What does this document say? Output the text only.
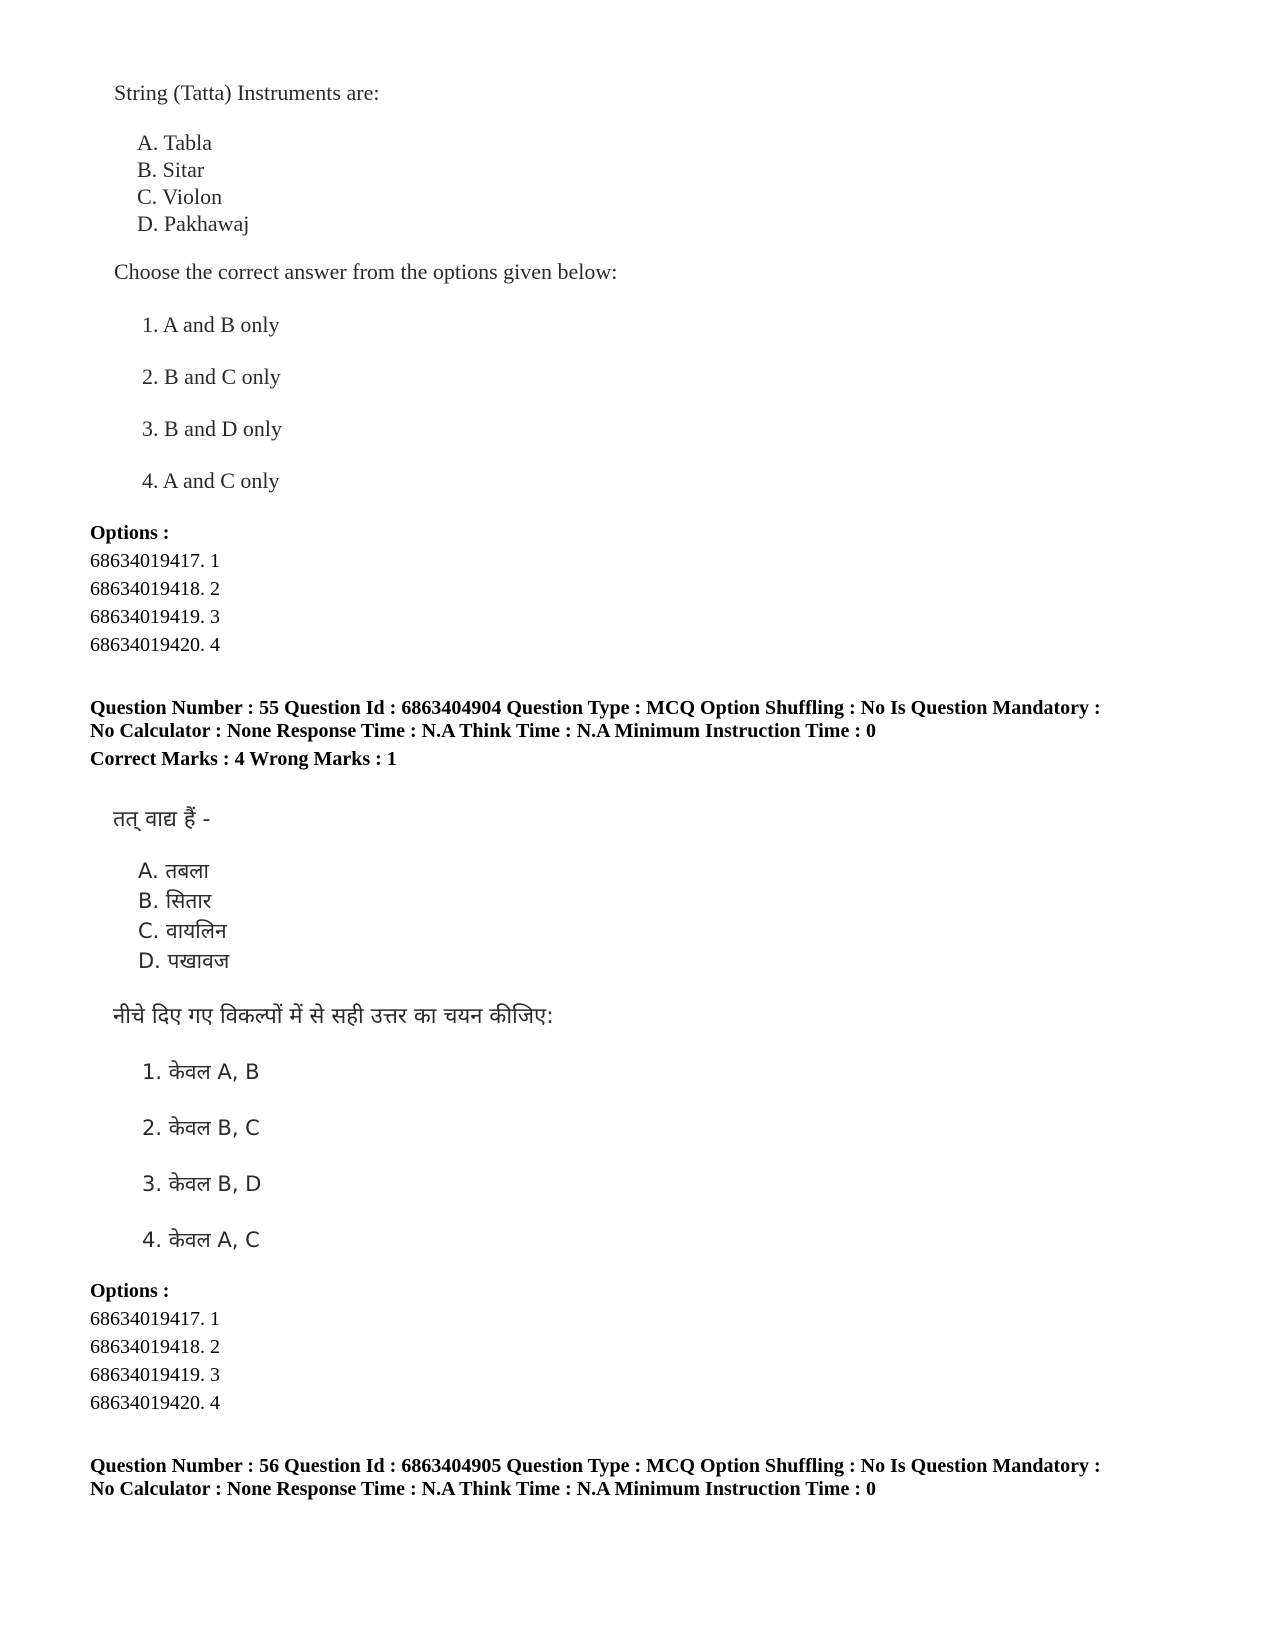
String (Tatta) Instruments are:
A. Tabla
B. Sitar
C. Violon
D. Pakhawaj
Choose the correct answer from the options given below:
1. A and B only
2. B and C only
3. B and D only
4. A and C only
Options :
68634019417. 1
68634019418. 2
68634019419. 3
68634019420. 4
Question Number : 55 Question Id : 6863404904 Question Type : MCQ Option Shuffling : No Is Question Mandatory :
No Calculator : None Response Time : N.A Think Time : N.A Minimum Instruction Time : 0
Correct Marks : 4 Wrong Marks : 1
तत् वाद्य हैं -
A. तबला
B. सितार
C. वायलिन
D. पखावज
नीचे दिए गए विकल्पों में से सही उत्तर का चयन कीजिए:
1. केवल A, B
2. केवल B, C
3. केवल B, D
4. केवल A, C
Options :
68634019417. 1
68634019418. 2
68634019419. 3
68634019420. 4
Question Number : 56 Question Id : 6863404905 Question Type : MCQ Option Shuffling : No Is Question Mandatory :
No Calculator : None Response Time : N.A Think Time : N.A Minimum Instruction Time : 0
